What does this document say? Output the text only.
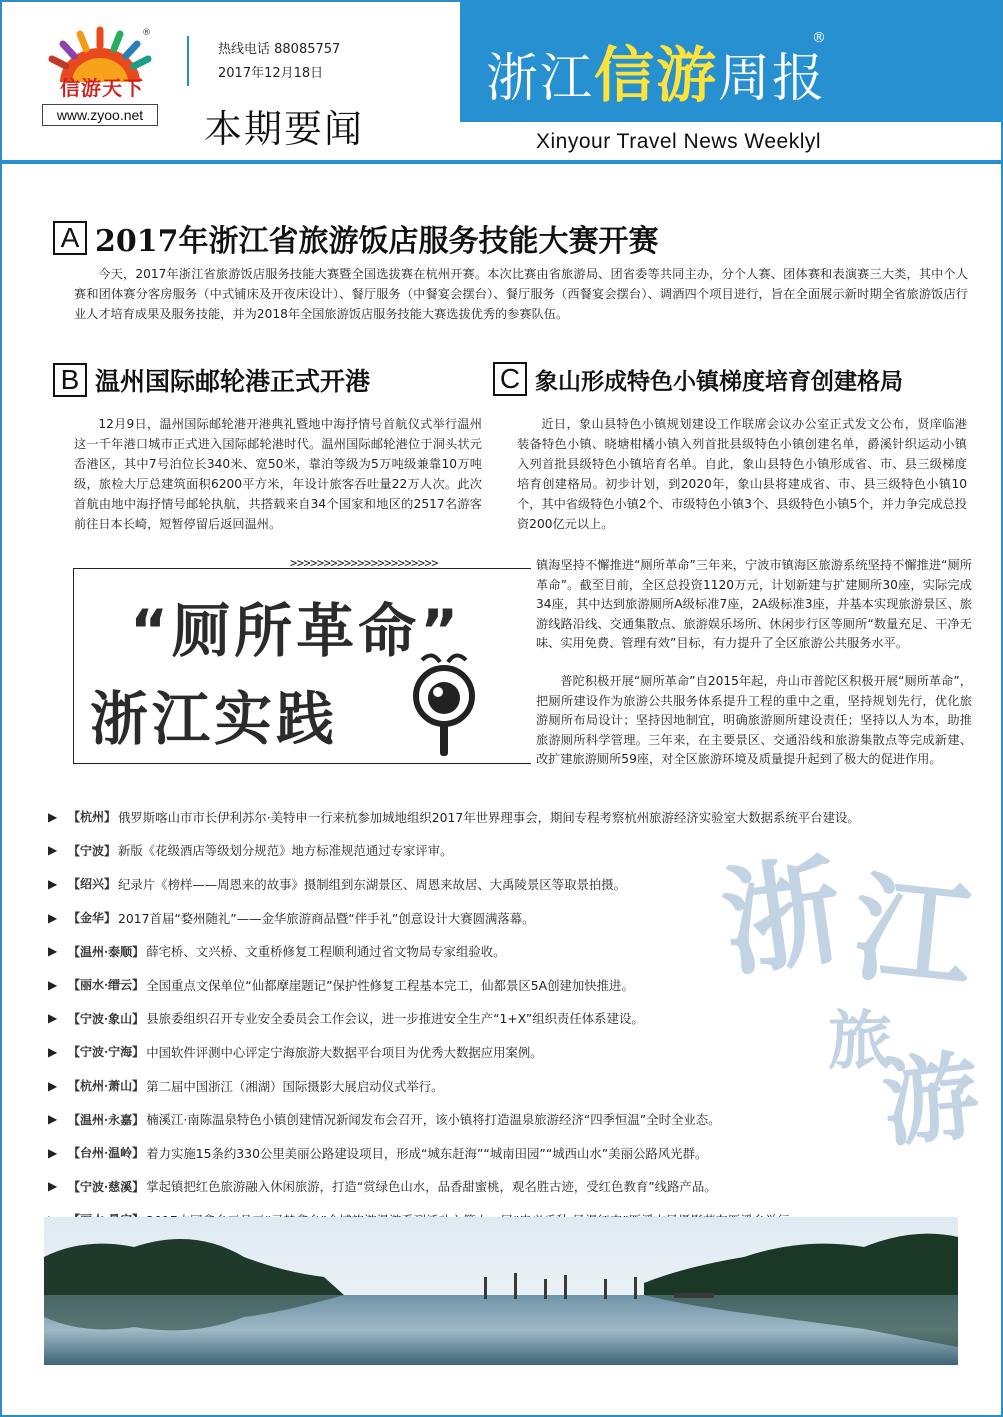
®
信游天下
www.zyoo.net
热线电话 88085757
2017年12月18日
本期要闻
浙江信游周报
®
Xinyour Travel News Weeklyl
A 2017年浙江省旅游饭店服务技能大赛开赛

今天，2017年浙江省旅游饭店服务技能大赛暨全国选拔赛在杭州开赛。本次比赛由省旅游局、团省委等共同主办，分个人赛、团体赛和表演赛三大类，其中个人赛和团体赛分客房服务（中式铺床及开夜床设计）、餐厅服务（中餐宴会摆台）、餐厅服务（西餐宴会摆台）、调酒四个项目进行，旨在全面展示新时期全省旅游饭店行业人才培育成果及服务技能，并为2018年全国旅游饭店服务技能大赛选拔优秀的参赛队伍。

B 温州国际邮轮港正式开港

12月9日，温州国际邮轮港开港典礼暨地中海抒情号首航仪式举行温州这一千年港口城市正式进入国际邮轮港时代。温州国际邮轮港位于洞头状元岙港区，其中7号泊位长340米、宽50米，靠泊等级为5万吨级兼靠10万吨级，旅检大厅总建筑面积6200平方米，年设计旅客吞吐量22万人次。此次首航由地中海抒情号邮轮执航，共搭载来自34个国家和地区的2517名游客前往日本长崎，短暂停留后返回温州。

C 象山形成特色小镇梯度培育创建格局

近日，象山县特色小镇规划建设工作联席会议办公室正式发文公布，贤庠临港装备特色小镇、晓塘柑橘小镇入列首批县级特色小镇创建名单，爵溪针织运动小镇入列首批县级特色小镇培育名单。自此，象山县特色小镇形成省、市、县三级梯度培育创建格局。初步计划，到2020年，象山县将建成省、市、县三级特色小镇10个，其中省级特色小镇2个、市级特色小镇3个、县级特色小镇5个，并力争完成总投资200亿元以上。

>>>>>>>>>>>>>>>>>>>>>>
“厕所革命”
浙江实践

镇海坚持不懈推进“厕所革命”三年来，宁波市镇海区旅游系统坚持不懈推进“厕所革命”。截至目前，全区总投资1120万元，计划新建与扩建厕所30座，实际完成34座，其中达到旅游厕所A级标准7座，2A级标准3座，并基本实现旅游景区、旅游线路沿线、交通集散点、旅游娱乐场所、休闲步行区等厕所“数量充足、干净无味、实用免费、管理有效”目标，有力提升了全区旅游公共服务水平。

普陀积极开展“厕所革命”自2015年起，舟山市普陀区积极开展“厕所革命”，把厕所建设作为旅游公共服务体系提升工程的重中之重，坚持规划先行，优化旅游厕所布局设计；坚持因地制宜，明确旅游厕所建设责任；坚持以人为本，助推旅游厕所科学管理。三年来，在主要景区、交通沿线和旅游集散点等完成新建、改扩建旅游厕所59座，对全区旅游环境及质量提升起到了极大的促进作用。

浙
江
旅
游
▶ 【杭州】 俄罗斯喀山市市长伊利苏尔·美特申一行来杭参加城地组织2017年世界理事会，期间专程考察杭州旅游经济实验室大数据系统平台建设。
▶ 【宁波】 新版《花级酒店等级划分规范》地方标准规范通过专家评审。
▶ 【绍兴】 纪录片《榜样——周恩来的故事》摄制组到东湖景区、周恩来故居、大禹陵景区等取景拍摄。
▶ 【金华】 2017首届“婺州随礼”——金华旅游商品暨“伴手礼”创意设计大赛圆满落幕。
▶ 【温州·泰顺】 薛宅桥、文兴桥、文重桥修复工程顺利通过省文物局专家组验收。
▶ 【丽水·缙云】 全国重点文保单位“仙都摩崖题记”保护性修复工程基本完工，仙都景区5A创建加快推进。
▶ 【宁波·象山】 县旅委组织召开专业安全委员会工作会议，进一步推进安全生产“1+X”组织责任体系建设。
▶ 【宁波·宁海】 中国软件评测中心评定宁海旅游大数据平台项目为优秀大数据应用案例。
▶ 【杭州·萧山】 第二届中国浙江（湘湖）国际摄影大展启动仪式举行。
▶ 【温州·永嘉】 楠溪江·南陈温泉特色小镇创建情况新闻发布会召开，该小镇将打造温泉旅游经济“四季恒温”全时全业态。
▶ 【台州·温岭】 着力实施15条约330公里美丽公路建设项目，形成“城东赶海”“城南田园”“城西山水”美丽公路风光群。
▶ 【宁波·慈溪】 掌起镇把红色旅游融入休闲旅游，打造“赏绿色山水，品香甜蜜桃，观名胜古迹，受红色教育”线路产品。
